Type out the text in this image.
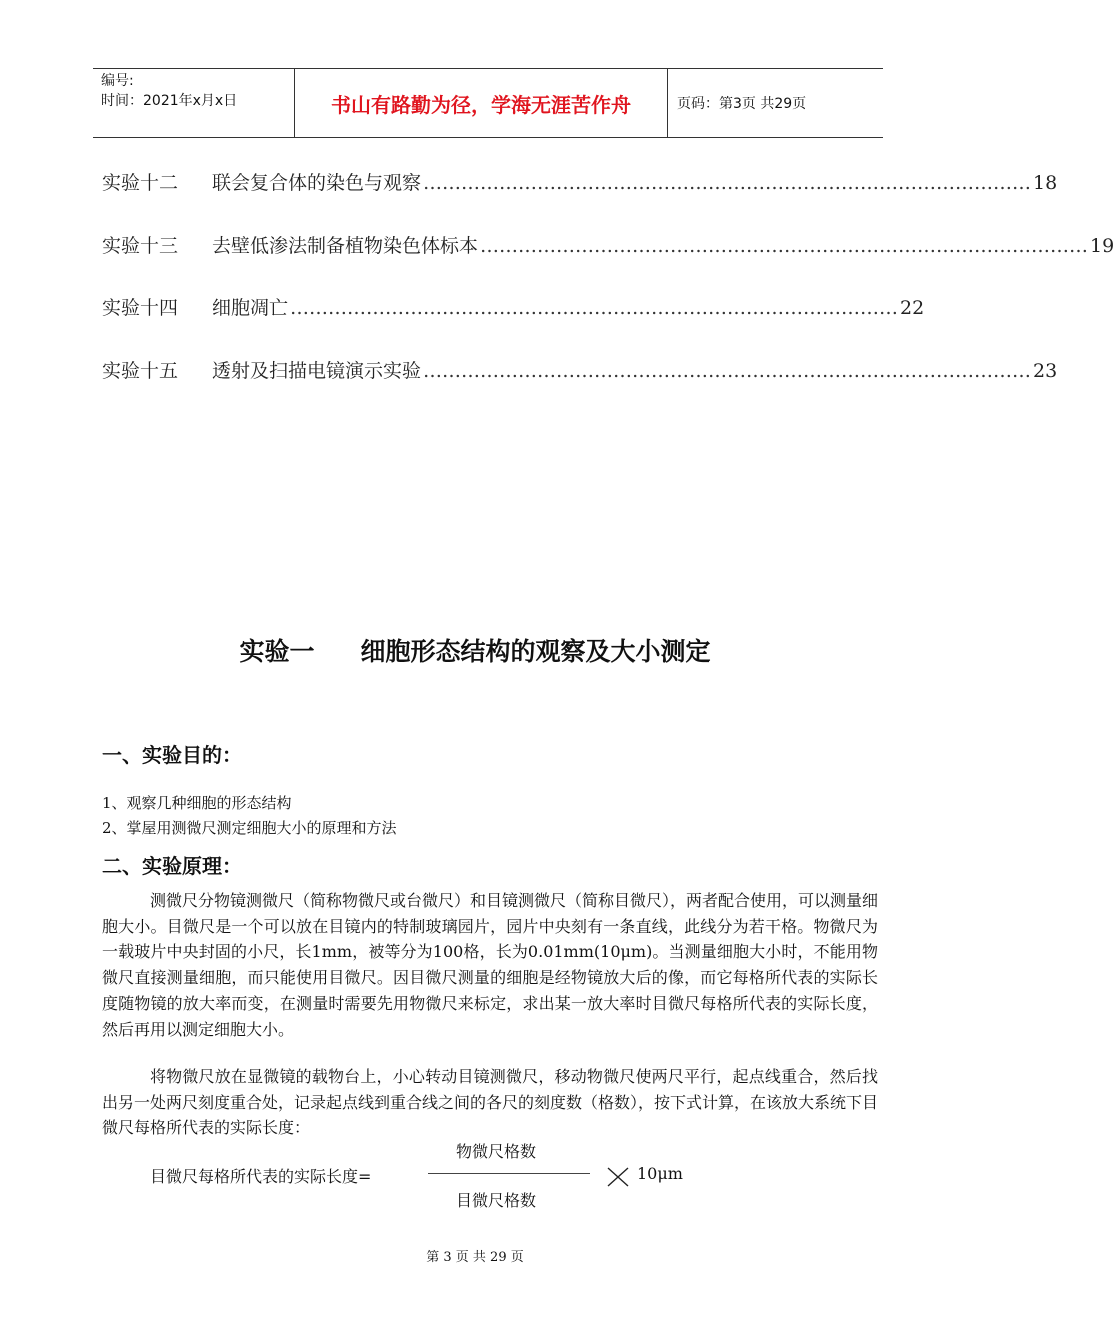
编号:
时间：2021年x月x日	书山有路勤为径，学海无涯苦作舟	页码：第3页 共29页
实验十二	联会复合体的染色与观察 …………………………………………………………………………………… 18
实验十三	去壁低渗法制备植物染色体标本 …………………………………………………………………………………… 19
实验十四	细胞凋亡 …………………………………………………………………………………… 22
实验十五	透射及扫描电镜演示实验 …………………………………………………………………………………… 23
实验一 细胞形态结构的观察及大小测定
一、实验目的：
1、观察几种细胞的形态结构
2、掌屋用测微尺测定细胞大小的原理和方法
二、实验原理：
测微尺分物镜测微尺（简称物微尺或台微尺）和目镜测微尺（简称目微尺），两者配合使用，可以测量细胞大小。目微尺是一个可以放在目镜内的特制玻璃园片，园片中央刻有一条直线，此线分为若干格。物微尺为一载玻片中央封固的小尺，长1mm，被等分为100格，长为0.01mm(10μm)。当测量细胞大小时，不能用物微尺直接测量细胞，而只能使用目微尺。因目微尺测量的细胞是经物镜放大后的像，而它每格所代表的实际长度随物镜的放大率而变，在测量时需要先用物微尺来标定，求出某一放大率时目微尺每格所代表的实际长度，然后再用以测定细胞大小。
将物微尺放在显微镜的载物台上，小心转动目镜测微尺，移动物微尺使两尺平行，起点线重合，然后找出另一处两尺刻度重合处，记录起点线到重合线之间的各尺的刻度数（格数），按下式计算，在该放大系统下目微尺每格所代表的实际长度：
目微尺每格所代表的实际长度=
物微尺格数
目微尺格数
10μm
第 3 页 共 29 页
